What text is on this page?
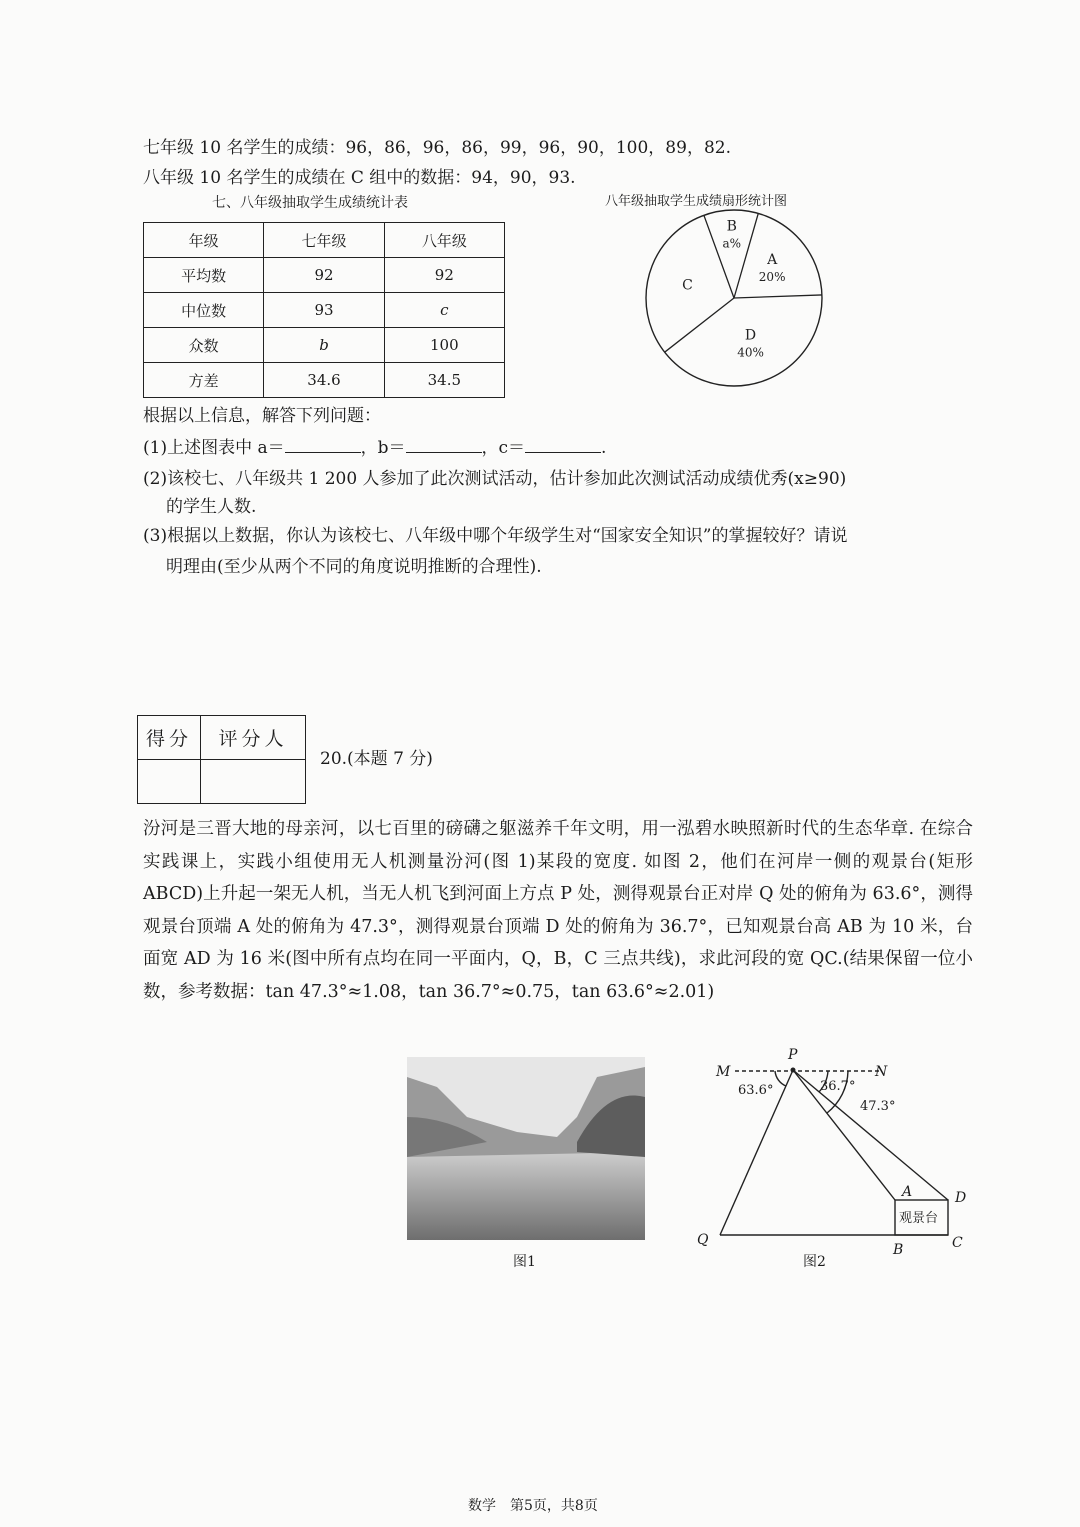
七年级 10 名学生的成绩：96，86，96，86，99，96，90，100，89，82.
八年级 10 名学生的成绩在 C 组中的数据：94，90，93.
七、八年级抽取学生成绩统计表
年级	七年级	八年级
平均数	92	92
中位数	93	c
众数	b	100
方差	34.6	34.5
八年级抽取学生成绩扇形统计图
B
a%
A
20%
D
40%
C
根据以上信息，解答下列问题：
(1)上述图表中 a＝	，b＝	，c＝	.
(2)该校七、八年级共 1 200 人参加了此次测试活动，估计参加此次测试活动成绩优秀(x≥90)
的学生人数.
(3)根据以上数据，你认为该校七、八年级中哪个年级学生对“国家安全知识”的掌握较好？请说
明理由(至少从两个不同的角度说明推断的合理性).
得分	评分人

20.(本题 7 分)
汾河是三晋大地的母亲河，以七百里的磅礴之躯滋养千年文明，用一泓碧水映照新时代的生态华章. 在综合实践课上，实践小组使用无人机测量汾河(图 1)某段的宽度. 如图 2，他们在河岸一侧的观景台(矩形 ABCD)上升起一架无人机，当无人机飞到河面上方点 P 处，测得观景台正对岸 Q 处的俯角为 63.6°，测得观景台顶端 A 处的俯角为 47.3°，测得观景台顶端 D 处的俯角为 36.7°，已知观景台高 AB 为 10 米，台面宽 AD 为 16 米(图中所有点均在同一平面内，Q，B，C 三点共线)，求此河段的宽 QC.(结果保留一位小数，参考数据：tan 47.3°≈1.08，tan 36.7°≈0.75，tan 63.6°≈2.01)
图1
P
M	N
63.6°	36.7°
47.3°
A	D
观景台
Q
B	C
图2
数学　第5页，共8页
